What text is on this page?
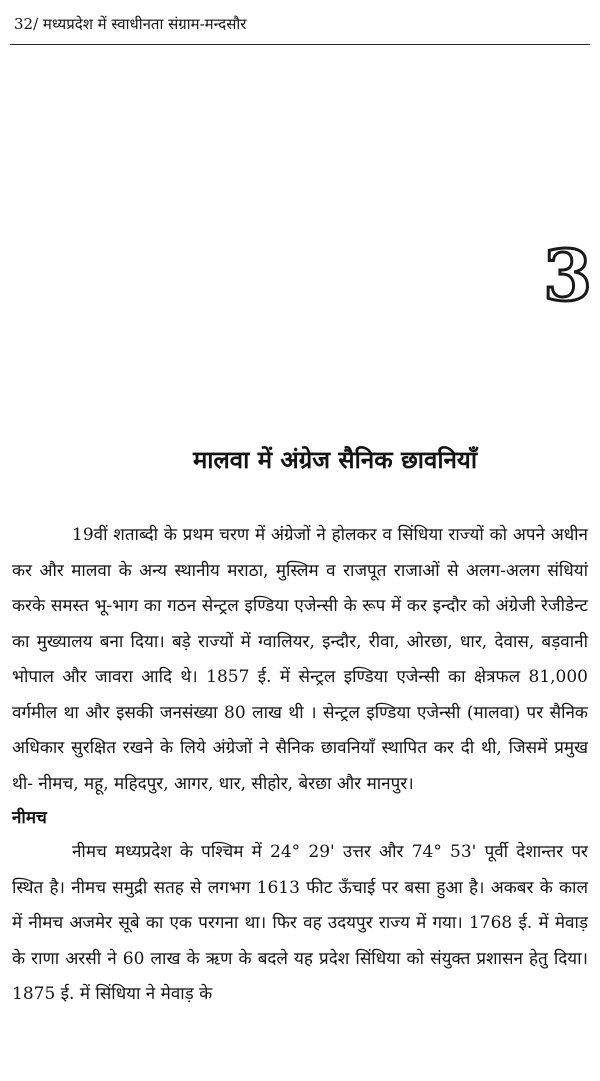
32/ मध्यप्रदेश में स्वाधीनता संग्राम-मन्दसौर
3
मालवा में अंग्रेज सैनिक छावनियाँ

19वीं शताब्दी के प्रथम चरण में अंग्रेजों ने होलकर व सिंधिया राज्यों को अपने अधीन कर और मालवा के अन्य स्थानीय मराठा, मुस्लिम व राजपूत राजाओं से अलग-अलग संधियां करके समस्त भू-भाग का गठन सेन्ट्रल इण्डिया एजेन्सी के रूप में कर इन्दौर को अंग्रेजी रेजीडेन्ट का मुख्यालय बना दिया। बड़े राज्यों में ग्वालियर, इन्दौर, रीवा, ओरछा, धार, देवास, बड़वानी भोपाल और जावरा आदि थे। 1857 ई. में सेन्ट्रल इण्डिया एजेन्सी का क्षेत्रफल 81,000 वर्गमील था और इसकी जनसंख्या 80 लाख थी । सेन्ट्रल इण्डिया एजेन्सी (मालवा) पर सैनिक अधिकार सुरक्षित रखने के लिये अंग्रेजों ने सैनिक छावनियाँ स्थापित कर दी थी, जिसमें प्रमुख थी- नीमच, महू, महिदपुर, आगर, धार, सीहोर, बेरछा और मानपुर।

नीमच

नीमच मध्यप्रदेश के पश्चिम में 24° 29' उत्तर और 74° 53' पूर्वी देशान्तर पर स्थित है। नीमच समुद्री सतह से लगभग 1613 फीट ऊँचाई पर बसा हुआ है। अकबर के काल में नीमच अजमेर सूबे का एक परगना था। फिर वह उदयपुर राज्य में गया। 1768 ई. में मेवाड़ के राणा अरसी ने 60 लाख के ऋण के बदले यह प्रदेश सिंधिया को संयुक्त प्रशासन हेतु दिया। 1875 ई. में सिंधिया ने मेवाड़ के
